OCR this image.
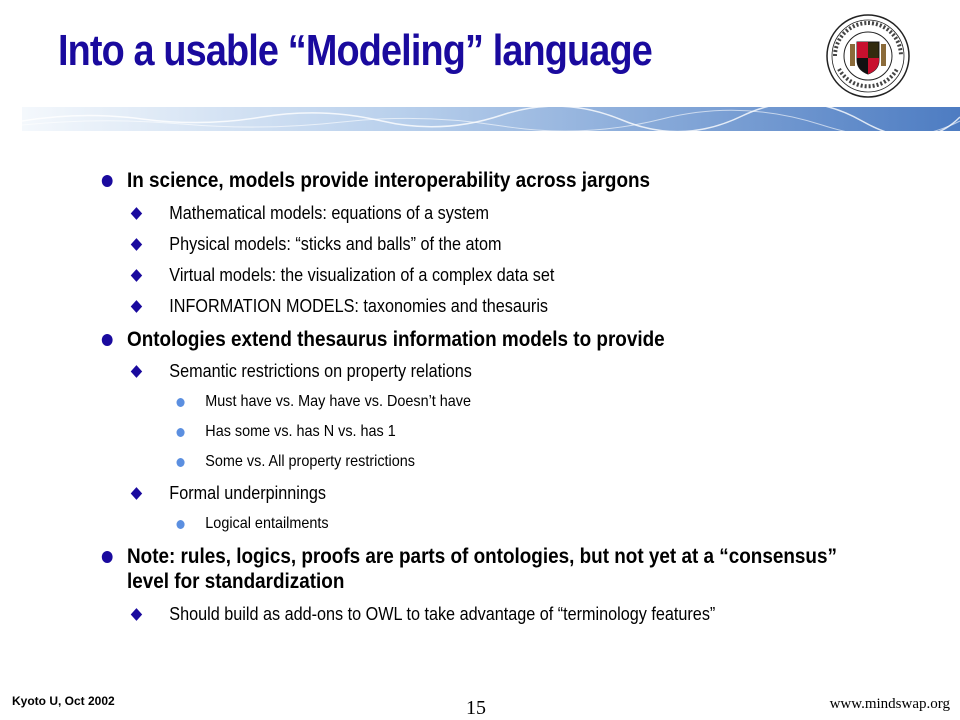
Into a usable “Modeling” language
In science, models provide interoperability across jargons
Mathematical models: equations of a system
Physical models: “sticks and balls” of the atom
Virtual models: the visualization of a complex data set
INFORMATION MODELS: taxonomies and thesauris
Ontologies extend thesaurus information models to provide
Semantic restrictions on property relations
Must have vs. May have vs. Doesn’t have
Has some vs. has N vs. has 1
Some vs. All property restrictions
Formal underpinnings
Logical entailments
Note: rules, logics, proofs are parts of ontologies, but not yet at a “consensus” level for standardization
Should build as add-ons to OWL to take advantage of “terminology features”
Kyoto U, Oct 2002	15	www.mindswap.org
